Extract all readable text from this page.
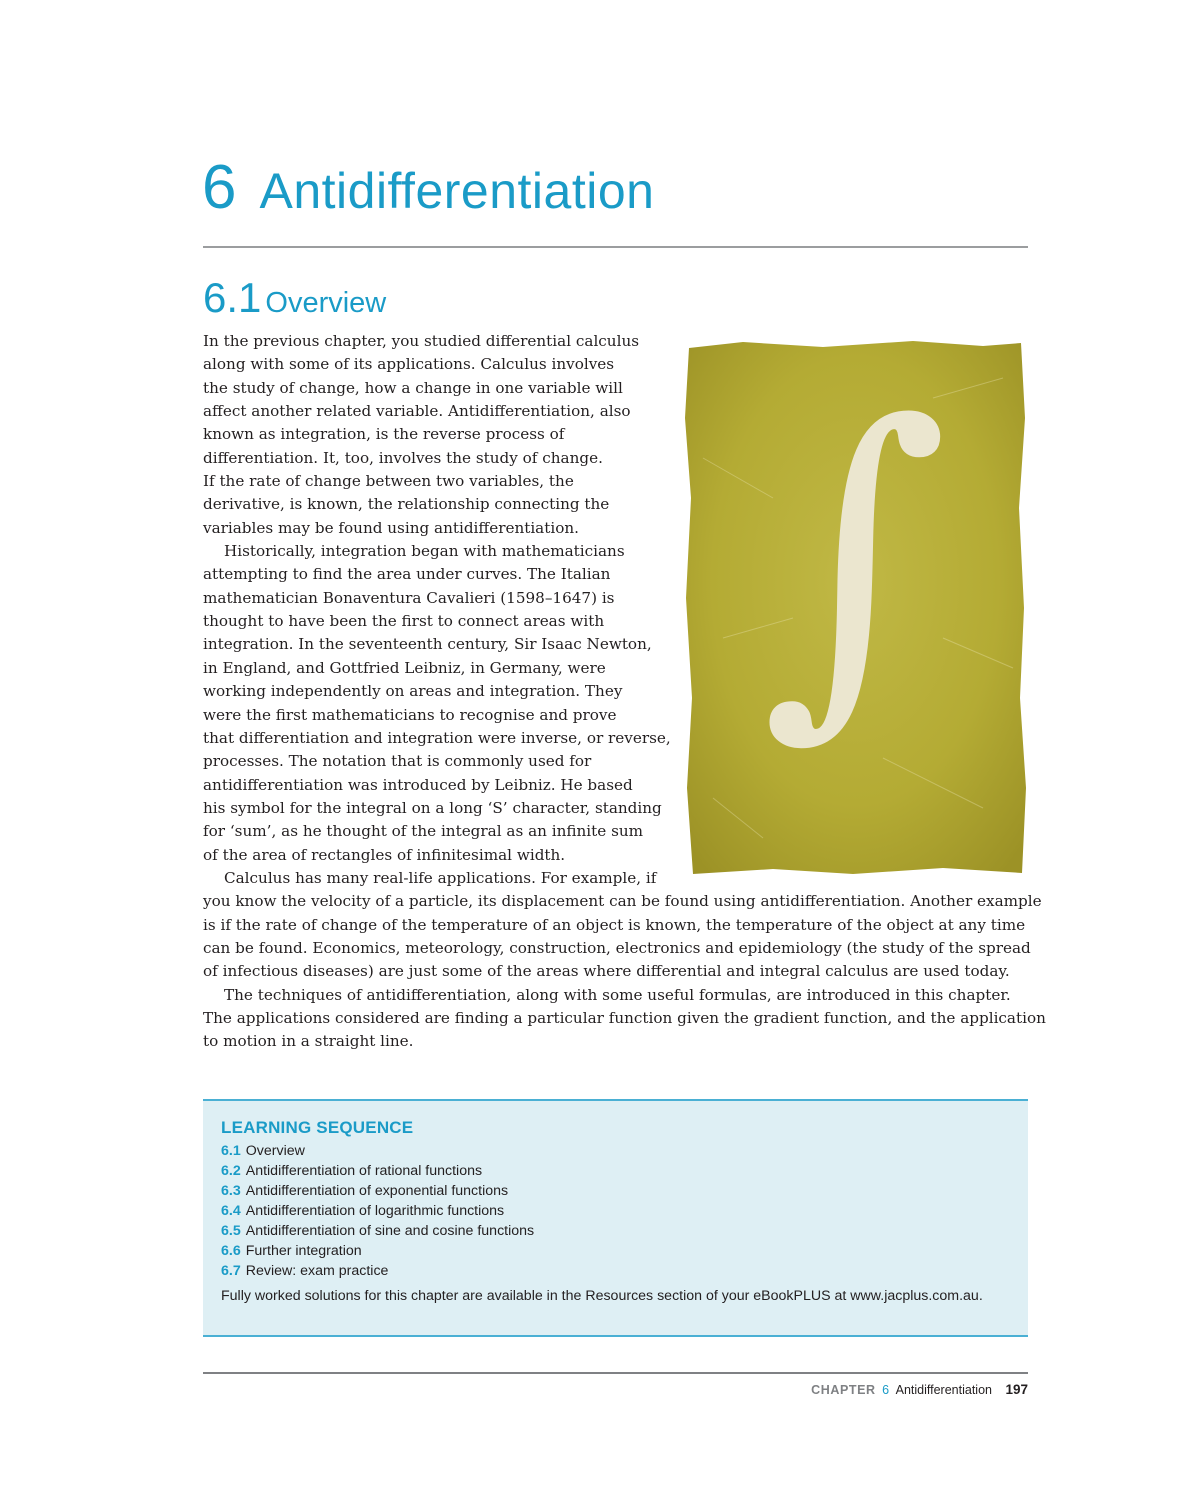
6 Antidifferentiation
6.1 Overview
∫
In the previous chapter, you studied differential calculus
along with some of its applications. Calculus involves
the study of change, how a change in one variable will
affect another related variable. Antidifferentiation, also
known as integration, is the reverse process of
differentiation. It, too, involves the study of change.
If the rate of change between two variables, the
derivative, is known, the relationship connecting the
variables may be found using antidifferentiation.
Historically, integration began with mathematicians
attempting to find the area under curves. The Italian
mathematician Bonaventura Cavalieri (1598–1647) is
thought to have been the first to connect areas with
integration. In the seventeenth century, Sir Isaac Newton,
in England, and Gottfried Leibniz, in Germany, were
working independently on areas and integration. They
were the first mathematicians to recognise and prove
that differentiation and integration were inverse, or reverse,
processes. The notation that is commonly used for
antidifferentiation was introduced by Leibniz. He based
his symbol for the integral on a long ‘S’ character, standing
for ‘sum’, as he thought of the integral as an infinite sum
of the area of rectangles of infinitesimal width.
Calculus has many real-life applications. For example, if
you know the velocity of a particle, its displacement can be found using antidifferentiation. Another example
is if the rate of change of the temperature of an object is known, the temperature of the object at any time
can be found. Economics, meteorology, construction, electronics and epidemiology (the study of the spread
of infectious diseases) are just some of the areas where differential and integral calculus are used today.
The techniques of antidifferentiation, along with some useful formulas, are introduced in this chapter.
The applications considered are finding a particular function given the gradient function, and the application
to motion in a straight line.
LEARNING SEQUENCE
6.1 Overview
6.2 Antidifferentiation of rational functions
6.3 Antidifferentiation of exponential functions
6.4 Antidifferentiation of logarithmic functions
6.5 Antidifferentiation of sine and cosine functions
6.6 Further integration
6.7 Review: exam practice
Fully worked solutions for this chapter are available in the Resources section of your eBookPLUS at www.jacplus.com.au.
CHAPTER 6 Antidifferentiation 197
